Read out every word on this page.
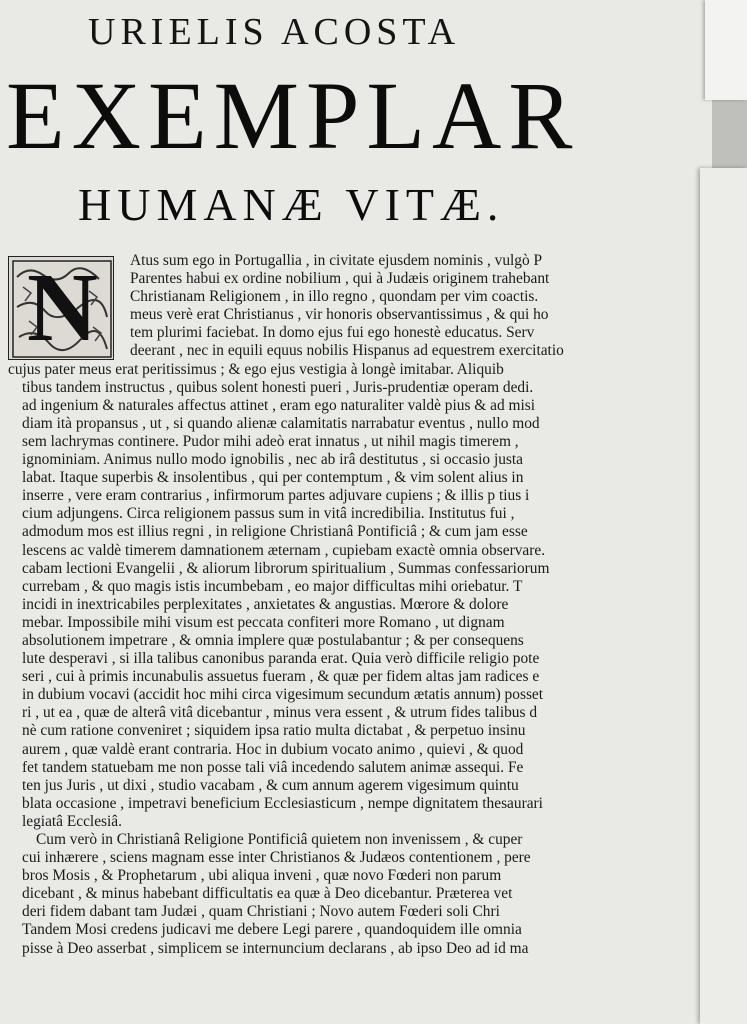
URIELIS ACOSTA
EXEMPLAR
HUMANÆ VITÆ.
N	Atus sum ego in Portugallia , in civitate ejusdem nominis , vulgò P
Parentes habui ex ordine nobilium , qui à Judæis originem trahebant
Christianam Religionem , in illo regno , quondam per vim coactis.
meus verè erat Christianus , vir honoris observantissimus , & qui ho
tem plurimi faciebat. In domo ejus fui ego honestè educatus. Serv
deerant , nec in equili equus nobilis Hispanus ad equestrem exercitatio
cujus pater meus erat peritissimus ; & ego ejus vestigia à longè imitabar. Aliquib
tibus tandem instructus , quibus solent honesti pueri , Juris-prudentiæ operam dedi.
ad ingenium & naturales affectus attinet , eram ego naturaliter valdè pius & ad misi
diam ità propansus , ut , si quando alienæ calamitatis narrabatur eventus , nullo mod
sem lachrymas continere. Pudor mihi adeò erat innatus , ut nihil magis timerem ,
ignominiam. Animus nullo modo ignobilis , nec ab irâ destitutus , si occasio justa
labat. Itaque superbis & insolentibus , qui per contemptum , & vim solent alius in
inserre , vere eram contrarius , infirmorum partes adjuvare cupiens ; & illis p tius i
cium adjungens. Circa religionem passus sum in vitâ incredibilia. Institutus fui ,
admodum mos est illius regni , in religione Christianâ Pontificiâ ; & cum jam esse
lescens ac valdè timerem damnationem æternam , cupiebam exactè omnia observare.
cabam lectioni Evangelii , & aliorum librorum spiritualium , Summas confessariorum
currebam , & quo magis istis incumbebam , eo major difficultas mihi oriebatur. T
incidi in inextricabiles perplexitates , anxietates & angustias. Mœrore & dolore
mebar. Impossibile mihi visum est peccata confiteri more Romano , ut dignam
absolutionem impetrare , & omnia implere quæ postulabantur ; & per consequens
lute desperavi , si illa talibus canonibus paranda erat. Quia verò difficile religio pote
seri , cui à primis incunabulis assuetus fueram , & quæ per fidem altas jam radices e
in dubium vocavi (accidit hoc mihi circa vigesimum secundum ætatis annum) posset
ri , ut ea , quæ de alterâ vitâ dicebantur , minus vera essent , & utrum fides talibus d
nè cum ratione conveniret ; siquidem ipsa ratio multa dictabat , & perpetuo insinu
aurem , quæ valdè erant contraria. Hoc in dubium vocato animo , quievi , & quod
fet tandem statuebam me non posse tali viâ incedendo salutem animæ assequi. Fe
ten jus Juris , ut dixi , studio vacabam , & cum annum agerem vigesimum quintu
blata occasione , impetravi beneficium Ecclesiasticum , nempe dignitatem thesaurari
legiatâ Ecclesiâ.
Cum verò in Christianâ Religione Pontificiâ quietem non invenissem , & cuper
cui inhærere , sciens magnam esse inter Christianos & Judæos contentionem , pere
bros Mosis , & Prophetarum , ubi aliqua inveni , quæ novo Fœderi non parum
dicebant , & minus habebant difficultatis ea quæ à Deo dicebantur. Præterea vet
deri fidem dabant tam Judæi , quam Christiani ; Novo autem Fœderi soli Chri
Tandem Mosi credens judicavi me debere Legi parere , quandoquidem ille omnia
pisse à Deo asserbat , simplicem se internuncium declarans , ab ipso Deo ad id ma
